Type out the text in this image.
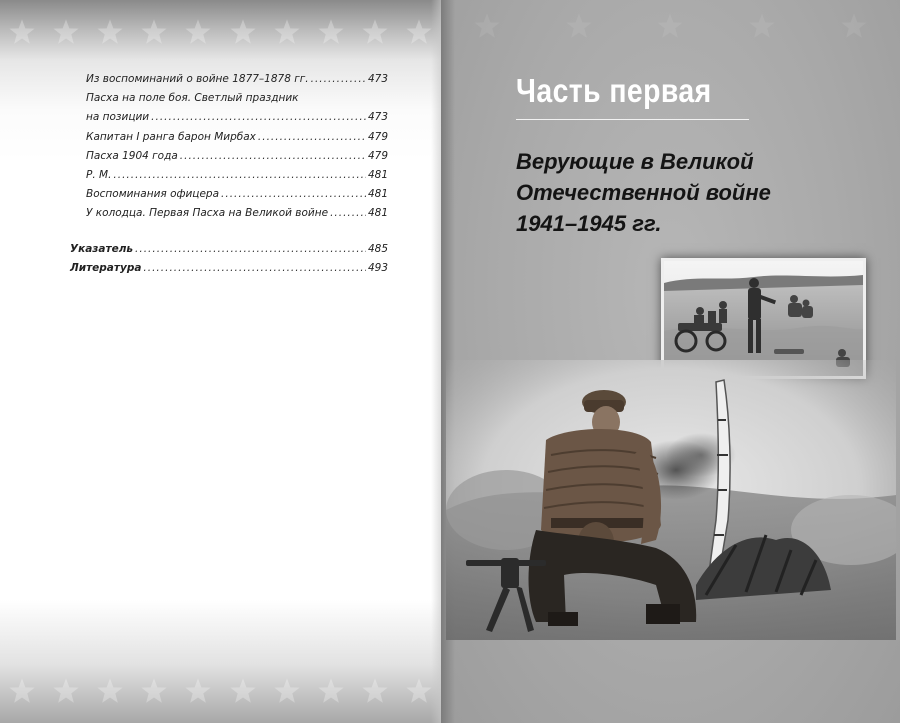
Из воспоминаний о войне 1877–1878 гг. .....	473
Пасха на поле боя. Светлый праздник
на позиции .....	473
Капитан I ранга барон Мирбах .....	479
Пасха 1904 года .....	479
Р. М. .....	481
Воспоминания офицера .....	481
У колодца. Первая Пасха на Великой войне .....	481
Указатель .....	485
Литература .....	493
Часть первая
Верующие в Великой
Отечественной войне
1941–1945 гг.
